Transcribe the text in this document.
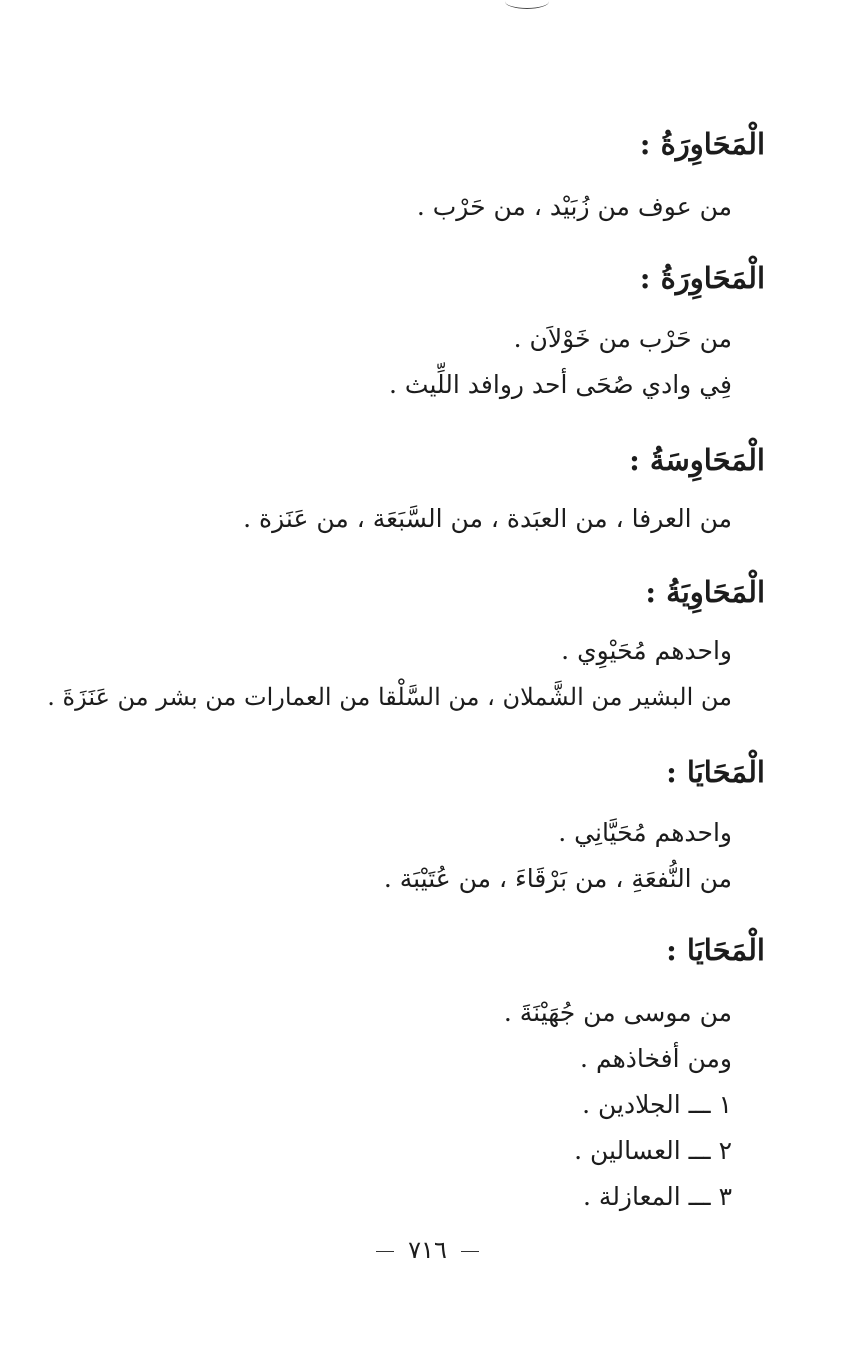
الْمَحَاوِرَةُ :
من عوف من زُبَيْد ، من حَرْب .
الْمَحَاوِرَةُ :
من حَرْب من خَوْلاَن .
فِي وادي صُحَى أحد روافد اللِّيث .
الْمَحَاوِسَةُ :
من العرفا ، من العبَدة ، من السَّبَعَة ، من عَنَزة .
الْمَحَاوِيَةُ :
واحدهم مُحَيْوِي .
من البشير من الشَّملان ، من السَّلْقا من العمارات من بشر من عَنَزَةَ .
الْمَحَايَا :
واحدهم مُحَيَّانِي .
من النُّفعَةِ ، من بَرْقَاءَ ، من عُتَيْبَة .
الْمَحَايَا :
من موسى من جُهَيْنَةَ .
ومن أفخاذهم .
١ ـــ الجلادين .
٢ ـــ العسالين .
٣ ـــ المعازلة .
٧١٦
